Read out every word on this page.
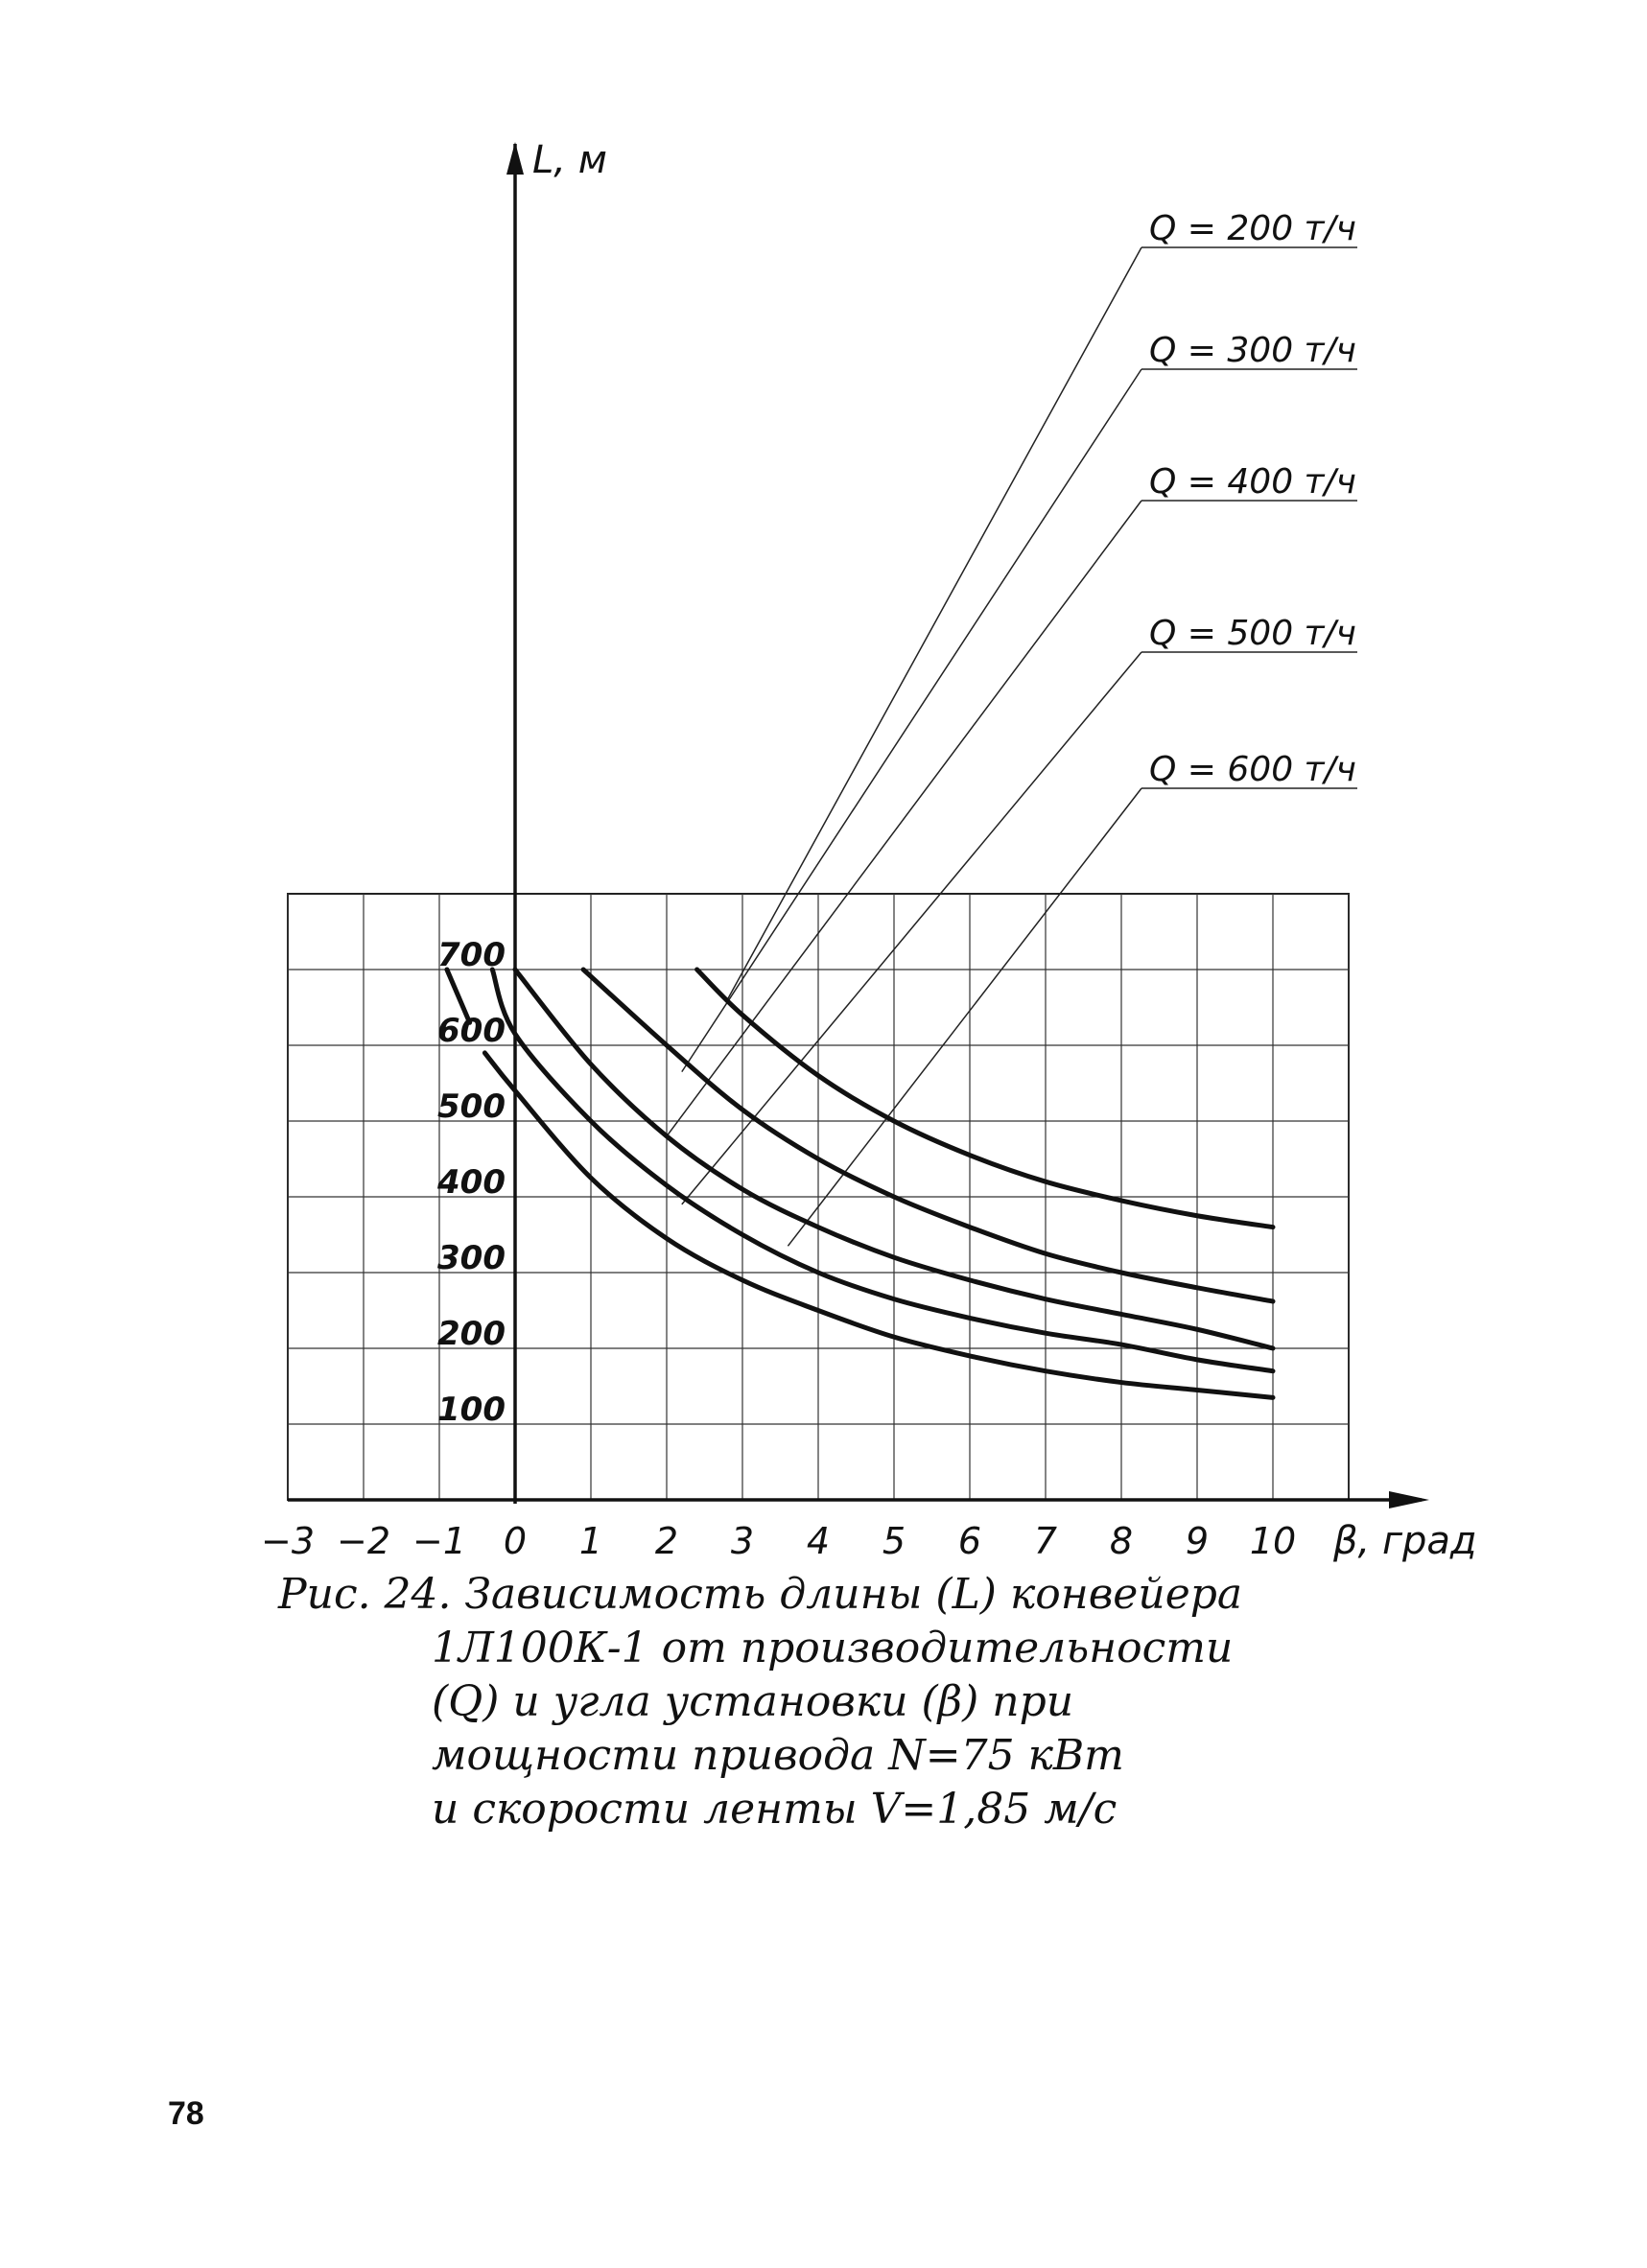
−3 −2 −1 0 1 2 3 4 5 6 7 8 9 10
100
200
300
400
500
600
700
Q = 200 т/ч
Q = 300 т/ч
Q = 400 т/ч
Q = 500 т/ч
Q = 600 т/ч
L, м
β, град
Рис. 24. Зависимость длины (L) конвейера
1Л100К-1 от производительности
(Q) и угла установки (β) при
мощности привода N=75 кВт
и скорости ленты V=1,85 м/с
78
